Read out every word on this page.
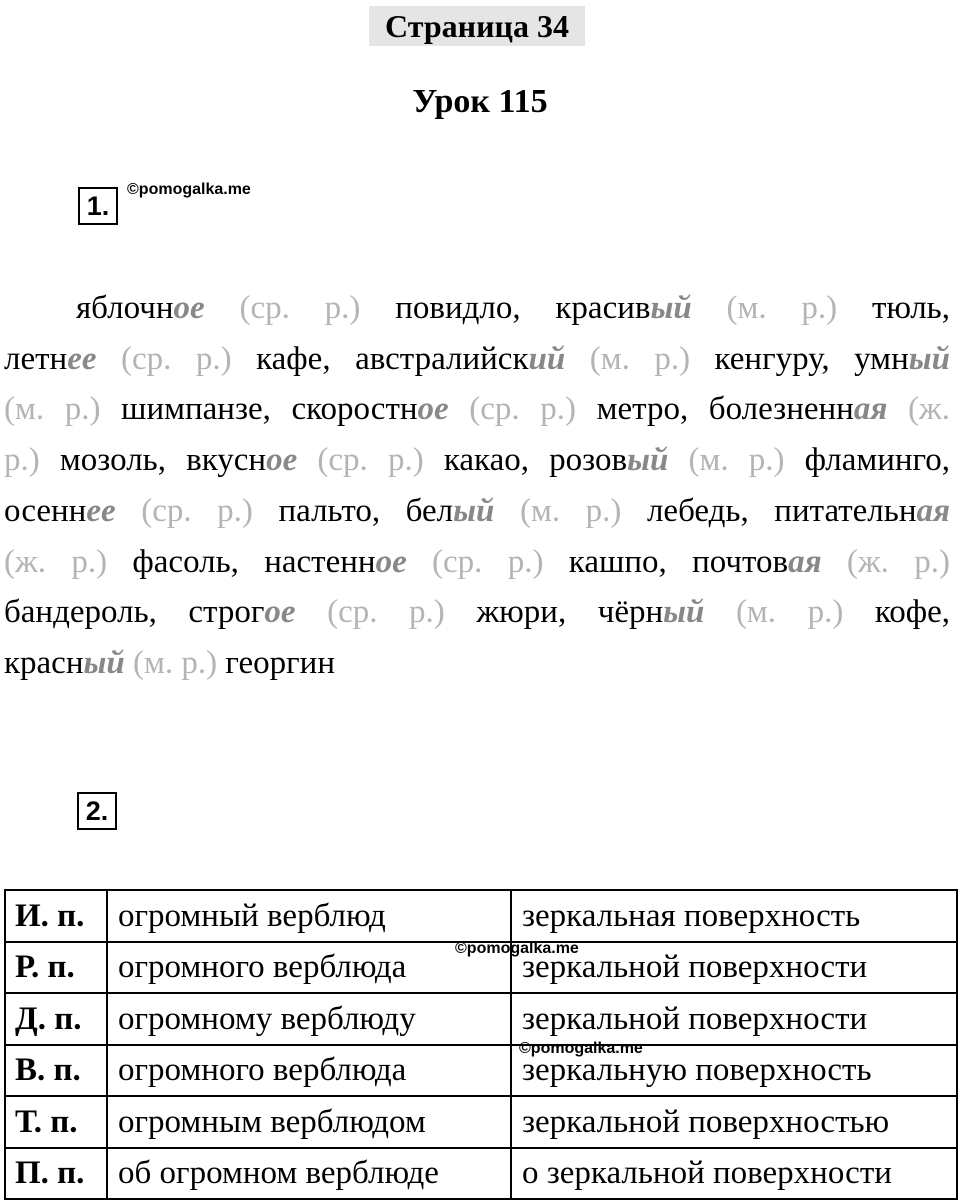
Страница 34
Урок 115
1.
©pomogalka.me
яблочное (ср. р.) повидло, красивый (м. р.) тюль,
летнее (ср. р.) кафе, австралийский (м. р.) кенгуру, умный
(м. р.) шимпанзе, скоростное (ср. р.) метро, болезненная (ж.
р.) мозоль, вкусное (ср. р.) какао, розовый (м. р.) фламинго,
осеннее (ср. р.) пальто, белый (м. р.) лебедь, питательная
(ж. р.) фасоль, настенное (ср. р.) кашпо, почтовая (ж. р.)
бандероль, строгое (ср. р.) жюри, чёрный (м. р.) кофе,
красный (м. р.) георгин
2.
И. п.	огромный верблюд	зеркальная поверхность
Р. п.	огромного верблюда	зеркальной поверхности
Д. п.	огромному верблюду	зеркальной поверхности
В. п.	огромного верблюда	зеркальную поверхность
Т. п.	огромным верблюдом	зеркальной поверхностью
П. п.	об огромном верблюде	о зеркальной поверхности
©pomogalka.me
©pomogalka.me
